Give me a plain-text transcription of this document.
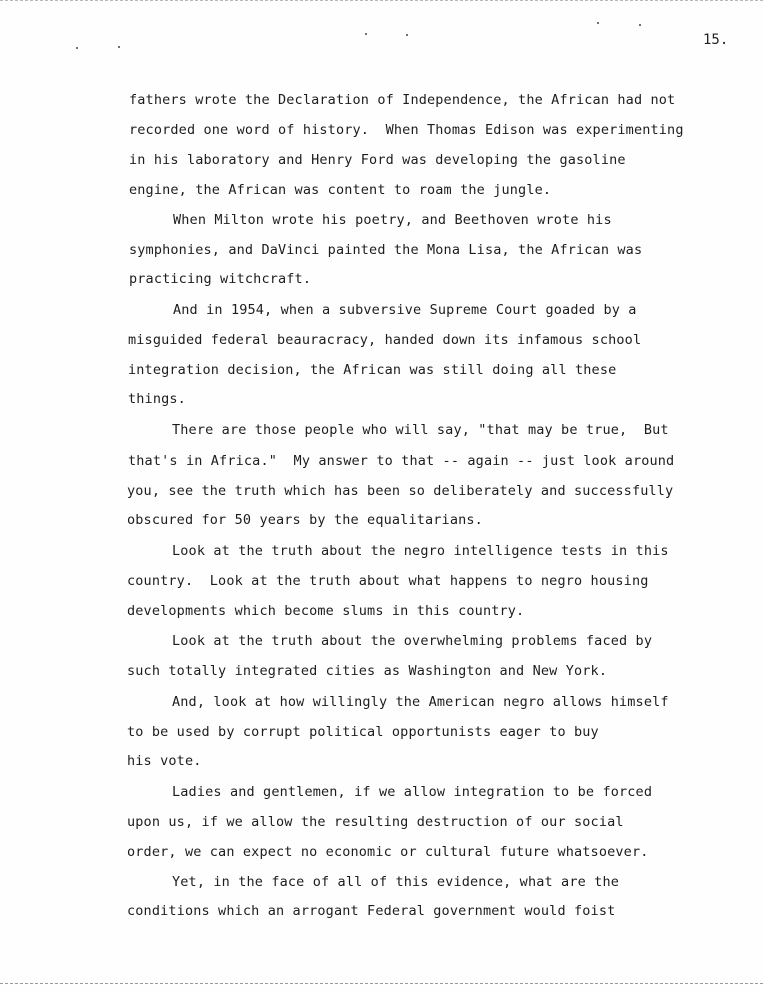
15.
fathers wrote the Declaration of Independence, the African had not
recorded one word of history.  When Thomas Edison was experimenting
in his laboratory and Henry Ford was developing the gasoline
engine, the African was content to roam the jungle.
When Milton wrote his poetry, and Beethoven wrote his
symphonies, and DaVinci painted the Mona Lisa, the African was
practicing witchcraft.
And in 1954, when a subversive Supreme Court goaded by a
misguided federal beauracracy, handed down its infamous school
integration decision, the African was still doing all these
things.
There are those people who will say, "that may be true,  But
that's in Africa."  My answer to that -- again -- just look around
you, see the truth which has been so deliberately and successfully
obscured for 50 years by the equalitarians.
Look at the truth about the negro intelligence tests in this
country.  Look at the truth about what happens to negro housing
developments which become slums in this country.
Look at the truth about the overwhelming problems faced by
such totally integrated cities as Washington and New York.
And, look at how willingly the American negro allows himself
to be used by corrupt political opportunists eager to buy
his vote.
Ladies and gentlemen, if we allow integration to be forced
upon us, if we allow the resulting destruction of our social
order, we can expect no economic or cultural future whatsoever.
Yet, in the face of all of this evidence, what are the
conditions which an arrogant Federal government would foist
